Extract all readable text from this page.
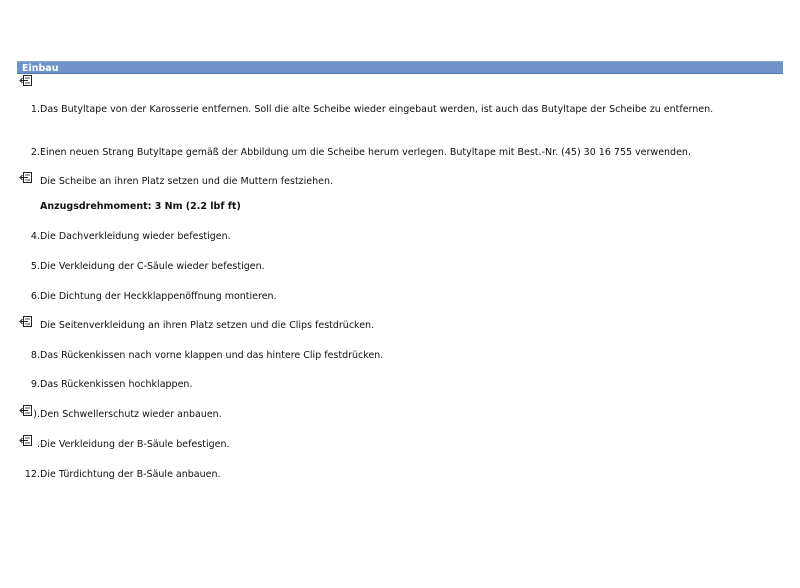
Einbau
1. Das Butyltape von der Karosserie entfernen. Soll die alte Scheibe wieder eingebaut werden, ist auch das Butyltape der Scheibe zu entfernen.
2. Einen neuen Strang Butyltape gemäß der Abbildung um die Scheibe herum verlegen. Butyltape mit Best.-Nr. (45) 30 16 755 verwenden.
Die Scheibe an ihren Platz setzen und die Muttern festziehen.
Anzugsdrehmoment: 3 Nm (2.2 lbf ft)
4. Die Dachverkleidung wieder befestigen.
5. Die Verkleidung der C-Säule wieder befestigen.
6. Die Dichtung der Heckklappenöffnung montieren.
Die Seitenverkleidung an ihren Platz setzen und die Clips festdrücken.
8. Das Rückenkissen nach vorne klappen und das hintere Clip festdrücken.
9. Das Rückenkissen hochklappen.
). Den Schwellerschutz wieder anbauen.
. Die Verkleidung der B-Säule befestigen.
12. Die Türdichtung der B-Säule anbauen.
